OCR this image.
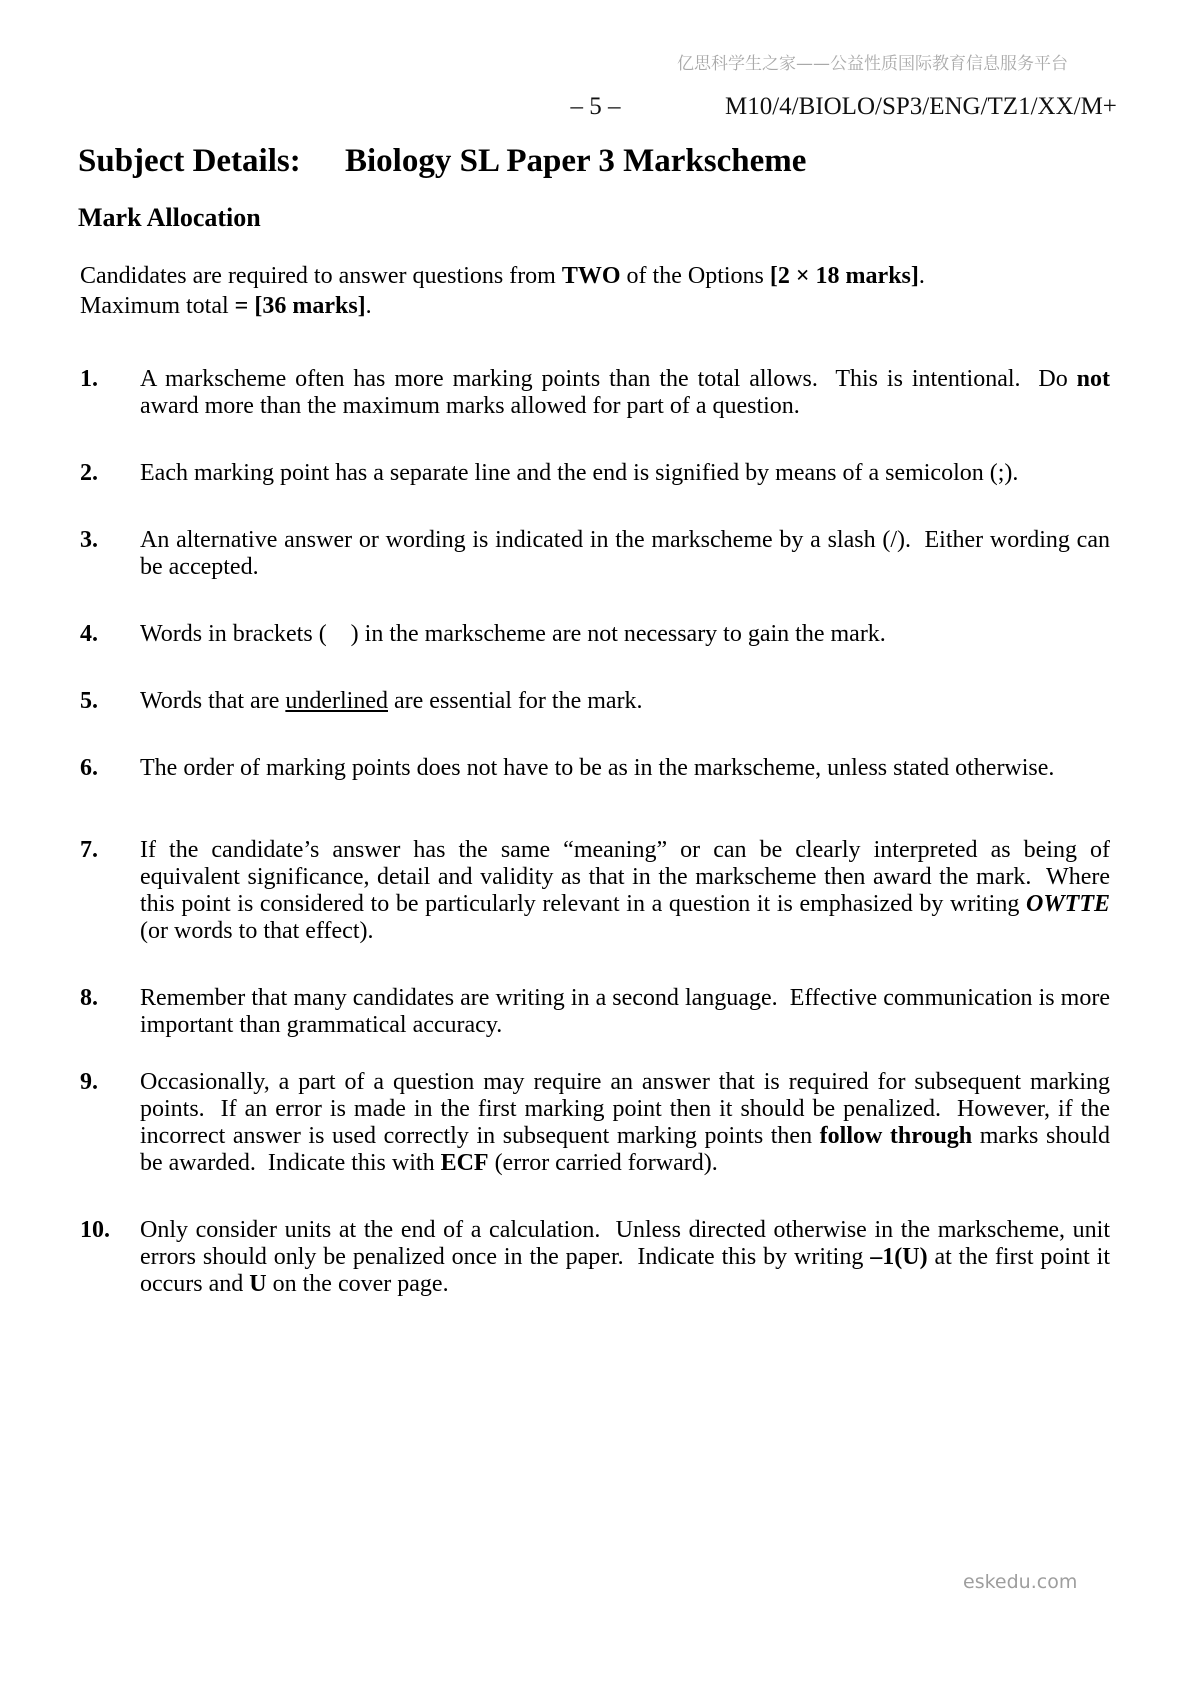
亿思科学生之家——公益性质国际教育信息服务平台
– 5 –	M10/4/BIOLO/SP3/ENG/TZ1/XX/M+
Subject Details:	Biology SL Paper 3 Markscheme
Mark Allocation

Candidates are required to answer questions from TWO of the Options [2 × 18 marks].

Maximum total = [36 marks].

1.	A markscheme often has more marking points than the total allows.  This is intentional.  Do not award more than the maximum marks allowed for part of a question.
2.	Each marking point has a separate line and the end is signified by means of a semicolon (;).
3.	An alternative answer or wording is indicated in the markscheme by a slash (/).  Either wording can be accepted.
4.	Words in brackets (    ) in the markscheme are not necessary to gain the mark.
5.	Words that are underlined are essential for the mark.
6.	The order of marking points does not have to be as in the markscheme, unless stated otherwise.
7.	If the candidate’s answer has the same “meaning” or can be clearly interpreted as being of equivalent significance, detail and validity as that in the markscheme then award the mark.  Where this point is considered to be particularly relevant in a question it is emphasized by writing OWTTE (or words to that effect).
8.	Remember that many candidates are writing in a second language.  Effective communication is more important than grammatical accuracy.
9.	Occasionally, a part of a question may require an answer that is required for subsequent marking points.  If an error is made in the first marking point then it should be penalized.  However, if the incorrect answer is used correctly in subsequent marking points then follow through marks should be awarded.  Indicate this with ECF (error carried forward).
10.	Only consider units at the end of a calculation.  Unless directed otherwise in the markscheme, unit errors should only be penalized once in the paper.  Indicate this by writing –1(U) at the first point it occurs and U on the cover page.
eskedu.com
